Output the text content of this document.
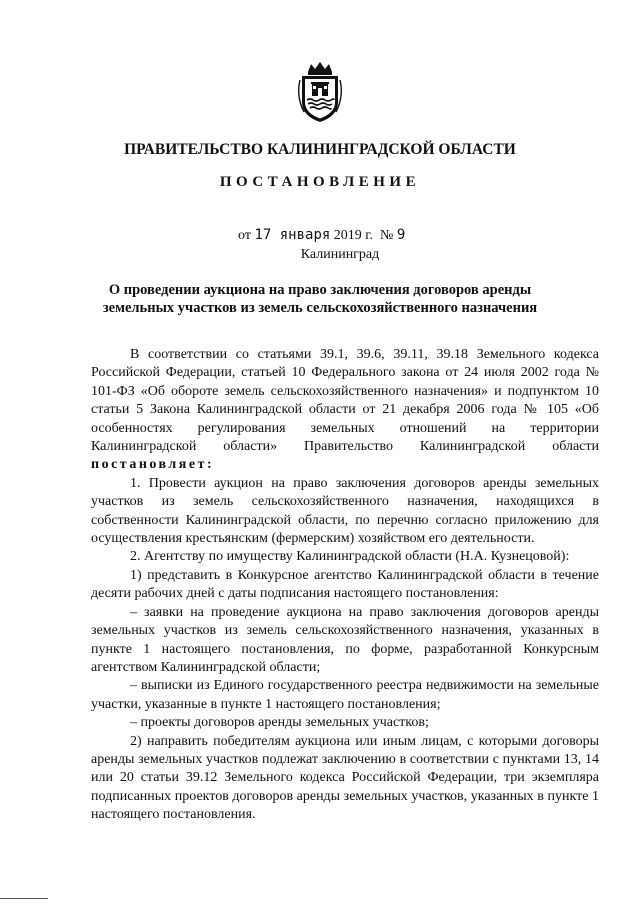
ПРАВИТЕЛЬСТВО КАЛИНИНГРАДСКОЙ ОБЛАСТИ
ПОСТАНОВЛЕНИЕ
от 17 января 2019 г. № 9
Калининград
О проведении аукциона на право заключения договоров аренды земельных участков из земель сельскохозяйственного назначения

В соответствии со статьями 39.1, 39.6, 39.11, 39.18 Земельного кодекса Российской Федерации, статьей 10 Федерального закона от 24 июля 2002 года № 101-ФЗ «Об обороте земель сельскохозяйственного назначения» и подпунктом 10 статьи 5 Закона Калининградской области от 21 декабря 2006 года № 105 «Об особенностях регулирования земельных отношений на территории Калининградской области» Правительство Калининградской области постановляет:

1. Провести аукцион на право заключения договоров аренды земельных участков из земель сельскохозяйственного назначения, находящихся в собственности Калининградской области, по перечню согласно приложению для осуществления крестьянским (фермерским) хозяйством его деятельности.

2. Агентству по имуществу Калининградской области (Н.А. Кузнецовой):

1) представить в Конкурсное агентство Калининградской области в течение десяти рабочих дней с даты подписания настоящего постановления:

– заявки на проведение аукциона на право заключения договоров аренды земельных участков из земель сельскохозяйственного назначения, указанных в пункте 1 настоящего постановления, по форме, разработанной Конкурсным агентством Калининградской области;

– выписки из Единого государственного реестра недвижимости на земельные участки, указанные в пункте 1 настоящего постановления;

– проекты договоров аренды земельных участков;

2) направить победителям аукциона или иным лицам, с которыми договоры аренды земельных участков подлежат заключению в соответствии с пунктами 13, 14 или 20 статьи 39.12 Земельного кодекса Российской Федерации, три экземпляра подписанных проектов договоров аренды земельных участков, указанных в пункте 1 настоящего постановления.
